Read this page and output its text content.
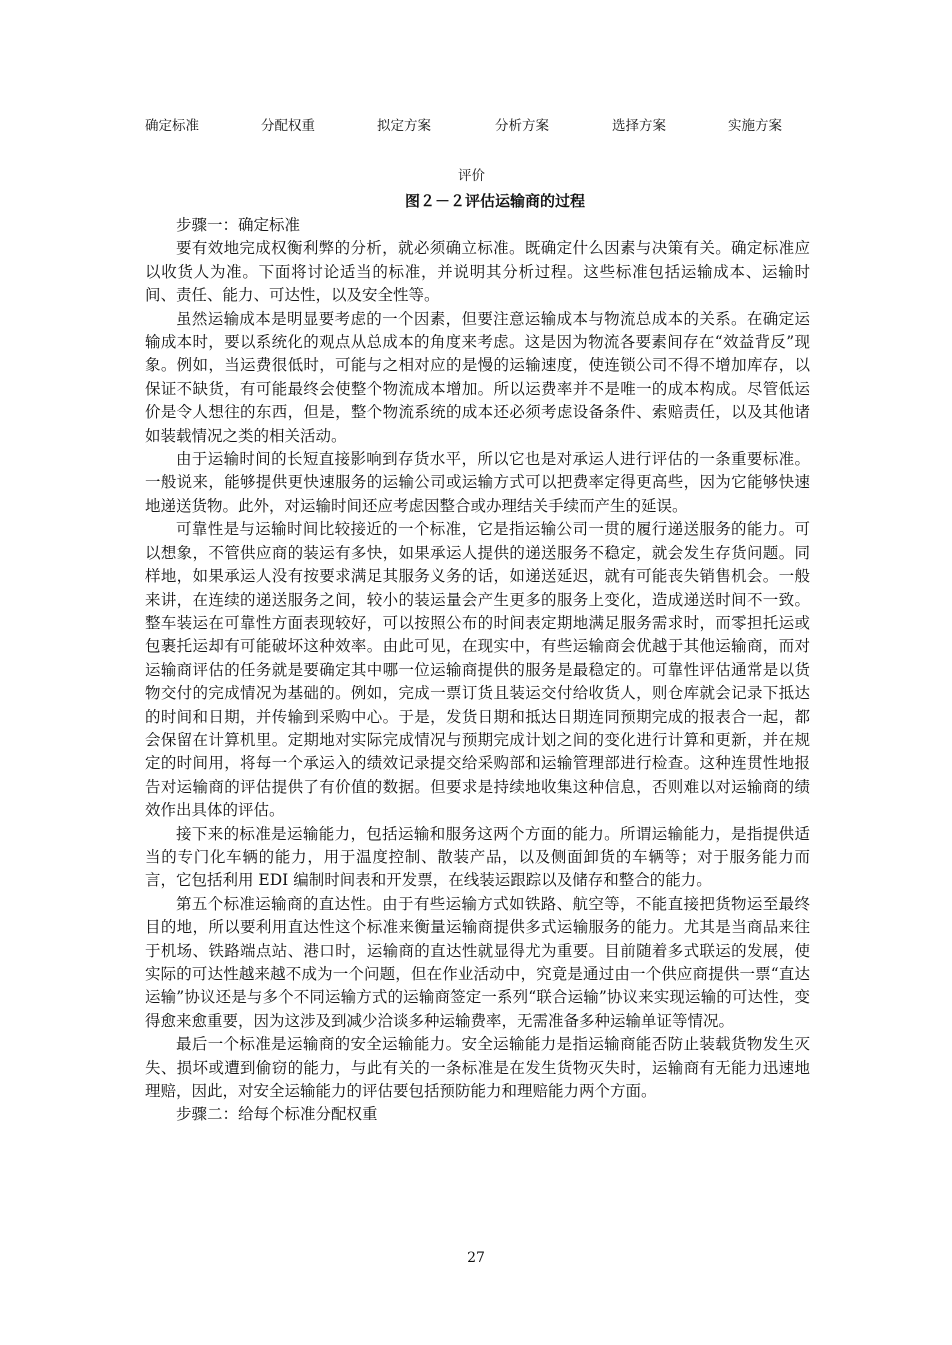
确定标准	分配权重	拟定方案	分析方案	选择方案	实施方案
评价
图２－２评估运输商的过程

步骤一：确定标准

要有效地完成权衡利弊的分析，就必须确立标准。既确定什么因素与决策有关。确定标准应以收货人为准。下面将讨论适当的标准，并说明其分析过程。这些标准包括运输成本、运输时间、责任、能力、可达性，以及安全性等。

虽然运输成本是明显要考虑的一个因素，但要注意运输成本与物流总成本的关系。在确定运输成本时，要以系统化的观点从总成本的角度来考虑。这是因为物流各要素间存在“效益背反”现象。例如，当运费很低时，可能与之相对应的是慢的运输速度，使连锁公司不得不增加库存，以保证不缺货，有可能最终会使整个物流成本增加。所以运费率并不是唯一的成本构成。尽管低运价是令人想往的东西，但是，整个物流系统的成本还必须考虑设备条件、索赔责任，以及其他诸如装载情况之类的相关活动。

由于运输时间的长短直接影响到存货水平，所以它也是对承运人进行评估的一条重要标准。一般说来，能够提供更快速服务的运输公司或运输方式可以把费率定得更高些，因为它能够快速地递送货物。此外，对运输时间还应考虑因整合或办理结关手续而产生的延误。

可靠性是与运输时间比较接近的一个标准，它是指运输公司一贯的履行递送服务的能力。可以想象，不管供应商的装运有多快，如果承运人提供的递送服务不稳定，就会发生存货问题。同样地，如果承运人没有按要求满足其服务义务的话，如递送延迟，就有可能丧失销售机会。一般来讲，在连续的递送服务之间，较小的装运量会产生更多的服务上变化，造成递送时间不一致。整车装运在可靠性方面表现较好，可以按照公布的时间表定期地满足服务需求时，而零担托运或包裹托运却有可能破坏这种效率。由此可见，在现实中，有些运输商会优越于其他运输商，而对运输商评估的任务就是要确定其中哪一位运输商提供的服务是最稳定的。可靠性评估通常是以货物交付的完成情况为基础的。例如，完成一票订货且装运交付给收货人，则仓库就会记录下抵达的时间和日期，并传输到采购中心。于是，发货日期和抵达日期连同预期完成的报表合一起，都会保留在计算机里。定期地对实际完成情况与预期完成计划之间的变化进行计算和更新，并在规定的时间用，将每一个承运入的绩效记录提交给采购部和运输管理部进行检查。这种连贯性地报告对运输商的评估提供了有价值的数据。但要求是持续地收集这种信息，否则难以对运输商的绩效作出具体的评估。

接下来的标准是运输能力，包括运输和服务这两个方面的能力。所谓运输能力，是指提供适当的专门化车辆的能力，用于温度控制、散装产品，以及侧面卸货的车辆等；对于服务能力而言，它包括利用 EDI 编制时间表和开发票，在线装运跟踪以及储存和整合的能力。

第五个标准运输商的直达性。由于有些运输方式如铁路、航空等，不能直接把货物运至最终目的地，所以要利用直达性这个标准来衡量运输商提供多式运输服务的能力。尤其是当商品来往于机场、铁路端点站、港口时，运输商的直达性就显得尤为重要。目前随着多式联运的发展，使实际的可达性越来越不成为一个问题，但在作业活动中，究竟是通过由一个供应商提供一票“直达运输”协议还是与多个不同运输方式的运输商签定一系列“联合运输”协议来实现运输的可达性，变得愈来愈重要，因为这涉及到减少洽谈多种运输费率，无需准备多种运输单证等情况。

最后一个标准是运输商的安全运输能力。安全运输能力是指运输商能否防止装载货物发生灭失、损坏或遭到偷窃的能力，与此有关的一条标准是在发生货物灭失时，运输商有无能力迅速地理赔，因此，对安全运输能力的评估要包括预防能力和理赔能力两个方面。

步骤二：给每个标准分配权重

27
